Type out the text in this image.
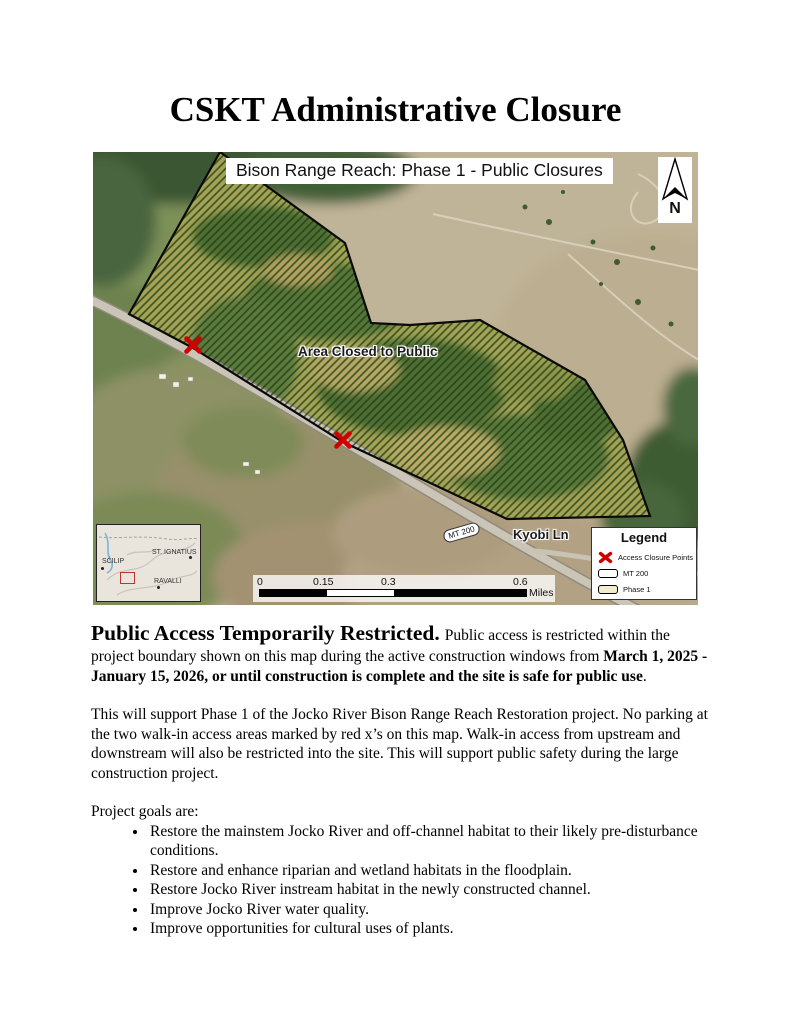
CSKT Administrative Closure
Bison Range Reach: Phase 1 - Public Closures
N
Area Closed to Public
MT 200	Kyobi Ln
0	0.15	0.3	0.6
Miles
SĆILIP
ST. IGNATIUS
RAVALLI
Legend
Access Closure Points
MT 200
Phase 1

Public Access Temporarily Restricted. Public access is restricted within the project boundary shown on this map during the active construction windows from March 1, 2025 - January 15, 2026, or until construction is complete and the site is safe for public use.

This will support Phase 1 of the Jocko River Bison Range Reach Restoration project. No parking at the two walk-in access areas marked by red x’s on this map. Walk-in access from upstream and downstream will also be restricted into the site. This will support public safety during the large construction project.

Project goals are:

• Restore the mainstem Jocko River and off-channel habitat to their likely pre-disturbance conditions.
• Restore and enhance riparian and wetland habitats in the floodplain.
• Restore Jocko River instream habitat in the newly constructed channel.
• Improve Jocko River water quality.
• Improve opportunities for cultural uses of plants.
